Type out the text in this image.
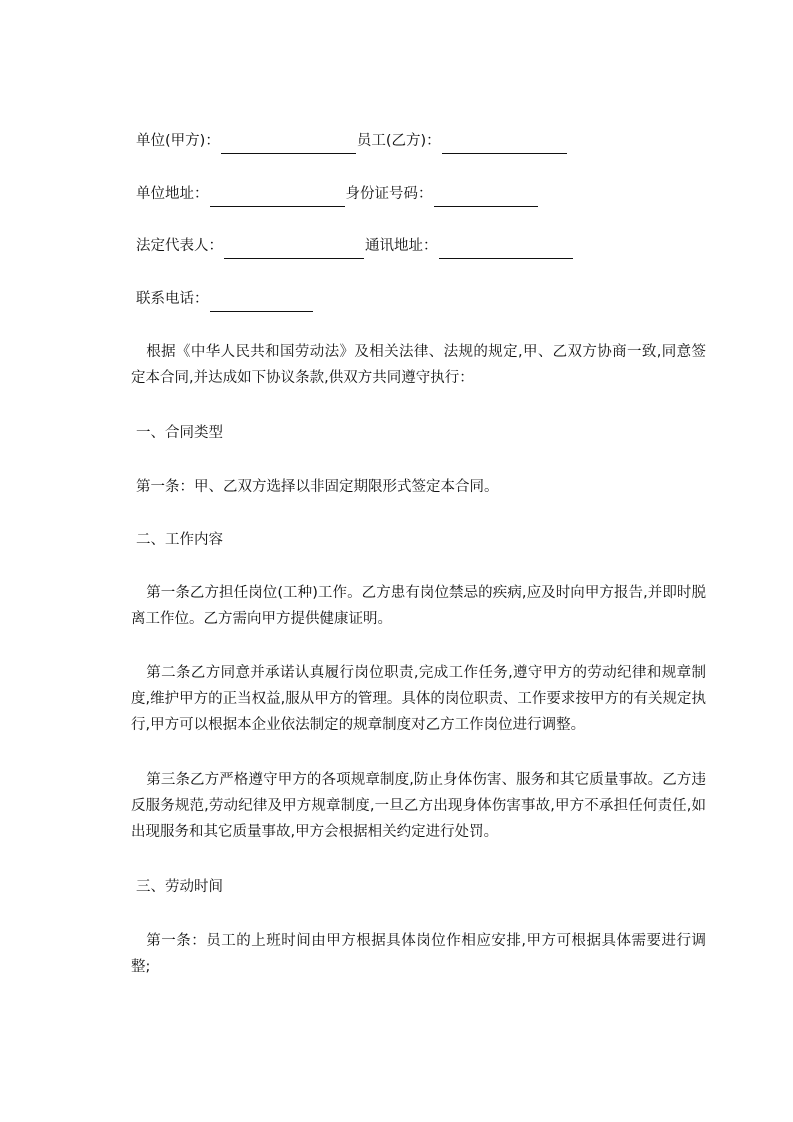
单位(甲方)：	员工(乙方)：
单位地址：	身份证号码：
法定代表人：	通讯地址：
联系电话：

根据《中华人民共和国劳动法》及相关法律、法规的规定,甲、乙双方协商一致,同意签定本合同,并达成如下协议条款,供双方共同遵守执行：

一、合同类型

第一条：甲、乙双方选择以非固定期限形式签定本合同。

二、工作内容

第一条乙方担任岗位(工种)工作。乙方患有岗位禁忌的疾病,应及时向甲方报告,并即时脱离工作位。乙方需向甲方提供健康证明。

第二条乙方同意并承诺认真履行岗位职责,完成工作任务,遵守甲方的劳动纪律和规章制度,维护甲方的正当权益,服从甲方的管理。具体的岗位职责、工作要求按甲方的有关规定执行,甲方可以根据本企业依法制定的规章制度对乙方工作岗位进行调整。

第三条乙方严格遵守甲方的各项规章制度,防止身体伤害、服务和其它质量事故。乙方违反服务规范,劳动纪律及甲方规章制度,一旦乙方出现身体伤害事故,甲方不承担任何责任,如出现服务和其它质量事故,甲方会根据相关约定进行处罚。

三、劳动时间

第一条：员工的上班时间由甲方根据具体岗位作相应安排,甲方可根据具体需要进行调整;
